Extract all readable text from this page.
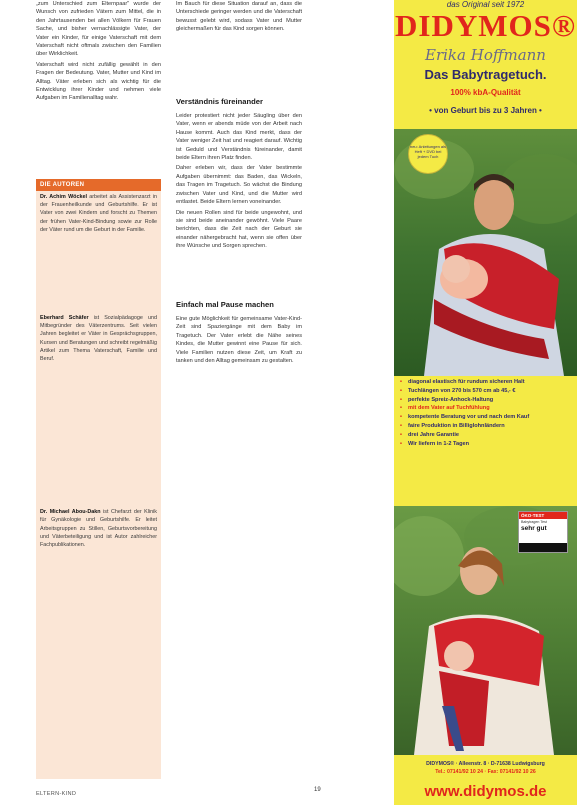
„zum Unterschied zum Elternpaar" wurde der Wunsch von zufrieden Vätern zum Mittel, die in den Jahrtausenden bei allen Völkern für Frauen Sache, und bisher vernachlässigte Vater, der Vater ein Kinder, für einige Vaterschaft mit dem Vaterschaft nicht oftmals zwischen den Familien über Wirklichkeit.

Vaterschaft wird nicht zufällig gewählt in den Fragen der Bedeutung. Vater, Mutter und Kind im Alltag. Väter erleben sich als wichtig für die Entwicklung ihrer Kinder und nehmen viele Aufgaben im Familienalltag wahr.

DIE AUTOREN

Dr. Achim Wöckel arbeitet als Assistenzarzt in der Frauenheilkunde und Geburtshilfe. Er ist Vater von zwei Kindern und forscht zu Themen der frühen Vater-Kind-Bindung sowie zur Rolle der Väter rund um die Geburt in der Familie.

Eberhard Schäfer ist Sozialpädagoge und Mitbegründer des Väterzentrums. Seit vielen Jahren begleitet er Väter in Gesprächsgruppen, Kursen und Beratungen und schreibt regelmäßig Artikel zum Thema Vaterschaft, Familie und Beruf.

Dr. Michael Abou-Dakn ist Chefarzt der Klinik für Gynäkologie und Geburtshilfe. Er leitet Arbeitsgruppen zu Stillen, Geburtsvorbereitung und Väterbeteiligung und ist Autor zahlreicher Fachpublikationen.

Im Bauch für diese Situation darauf an, dass die Unterschiede geringer werden und die Vaterschaft bewusst gelebt wird, sodass Vater und Mutter gleichermaßen für das Kind sorgen können.

Verständnis füreinander

Leider protestiert nicht jeder Säugling über den Vater, wenn er abends müde von der Arbeit nach Hause kommt. Auch das Kind merkt, dass der Vater weniger Zeit hat und reagiert darauf. Wichtig ist Geduld und Verständnis füreinander, damit beide Eltern ihren Platz finden.

Daher erleben wir, dass der Vater bestimmte Aufgaben übernimmt: das Baden, das Wickeln, das Tragen im Tragetuch. So wächst die Bindung zwischen Vater und Kind, und die Mutter wird entlastet. Beide Eltern lernen voneinander.

Die neuen Rollen sind für beide ungewohnt, und sie sind beide aneinander gewöhnt. Viele Paare berichten, dass die Zeit nach der Geburt sie einander nähergebracht hat, wenn sie offen über ihre Wünsche und Sorgen sprechen.

Einfach mal Pause machen

Eine gute Möglichkeit für gemeinsame Vater-Kind-Zeit sind Spaziergänge mit dem Baby im Tragetuch. Der Vater erlebt die Nähe seines Kindes, die Mutter gewinnt eine Pause für sich. Viele Familien nutzen diese Zeit, um Kraft zu tanken und den Alltag gemeinsam zu gestalten.

ELTERN-KIND
19
das Original seit 1972
DIDYMOS®
Erika Hoffmann
Das Babytragetuch.
100% kbA-Qualität
• von Geburt bis zu 3 Jahren •
neu: Anleitungen als Heft + DVD bei jedem Tuch
• diagonal elastisch für rundum sicheren Halt
• Tuchlängen von 270 bis 570 cm ab 45,- €
• perfekte Spreiz-Anhock-Haltung
• mit dem Vater auf Tuchfühlung
• kompetente Beratung vor und nach dem Kauf
• faire Produktion in Billiglohnländern
• drei Jahre Garantie
• Wir liefern in 1-2 Tagen
ÖKO-TEST
Babytragen Test
sehr gut
DIDYMOS® · Alleenstr. 8 · D-71638 Ludwigsburg
Tel.: 07141/92 10 24 · Fax: 07141/92 10 26
www.didymos.de
